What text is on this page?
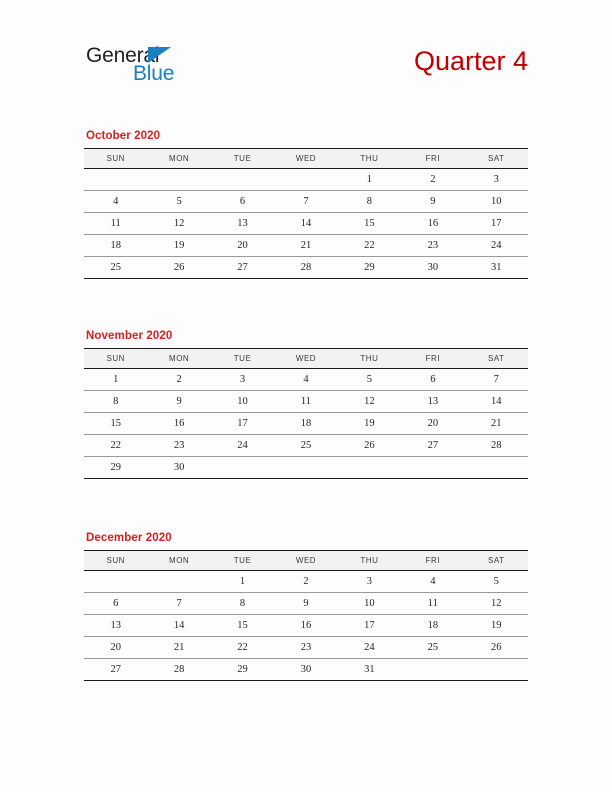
General
Blue	Quarter 4
October 2020
SUN	MON	TUE	WED	THU	FRI	SAT
				1	2	3
4	5	6	7	8	9	10
11	12	13	14	15	16	17
18	19	20	21	22	23	24
25	26	27	28	29	30	31
November 2020
SUN	MON	TUE	WED	THU	FRI	SAT
1	2	3	4	5	6	7
8	9	10	11	12	13	14
15	16	17	18	19	20	21
22	23	24	25	26	27	28
29	30					
December 2020
SUN	MON	TUE	WED	THU	FRI	SAT
		1	2	3	4	5
6	7	8	9	10	11	12
13	14	15	16	17	18	19
20	21	22	23	24	25	26
27	28	29	30	31		
